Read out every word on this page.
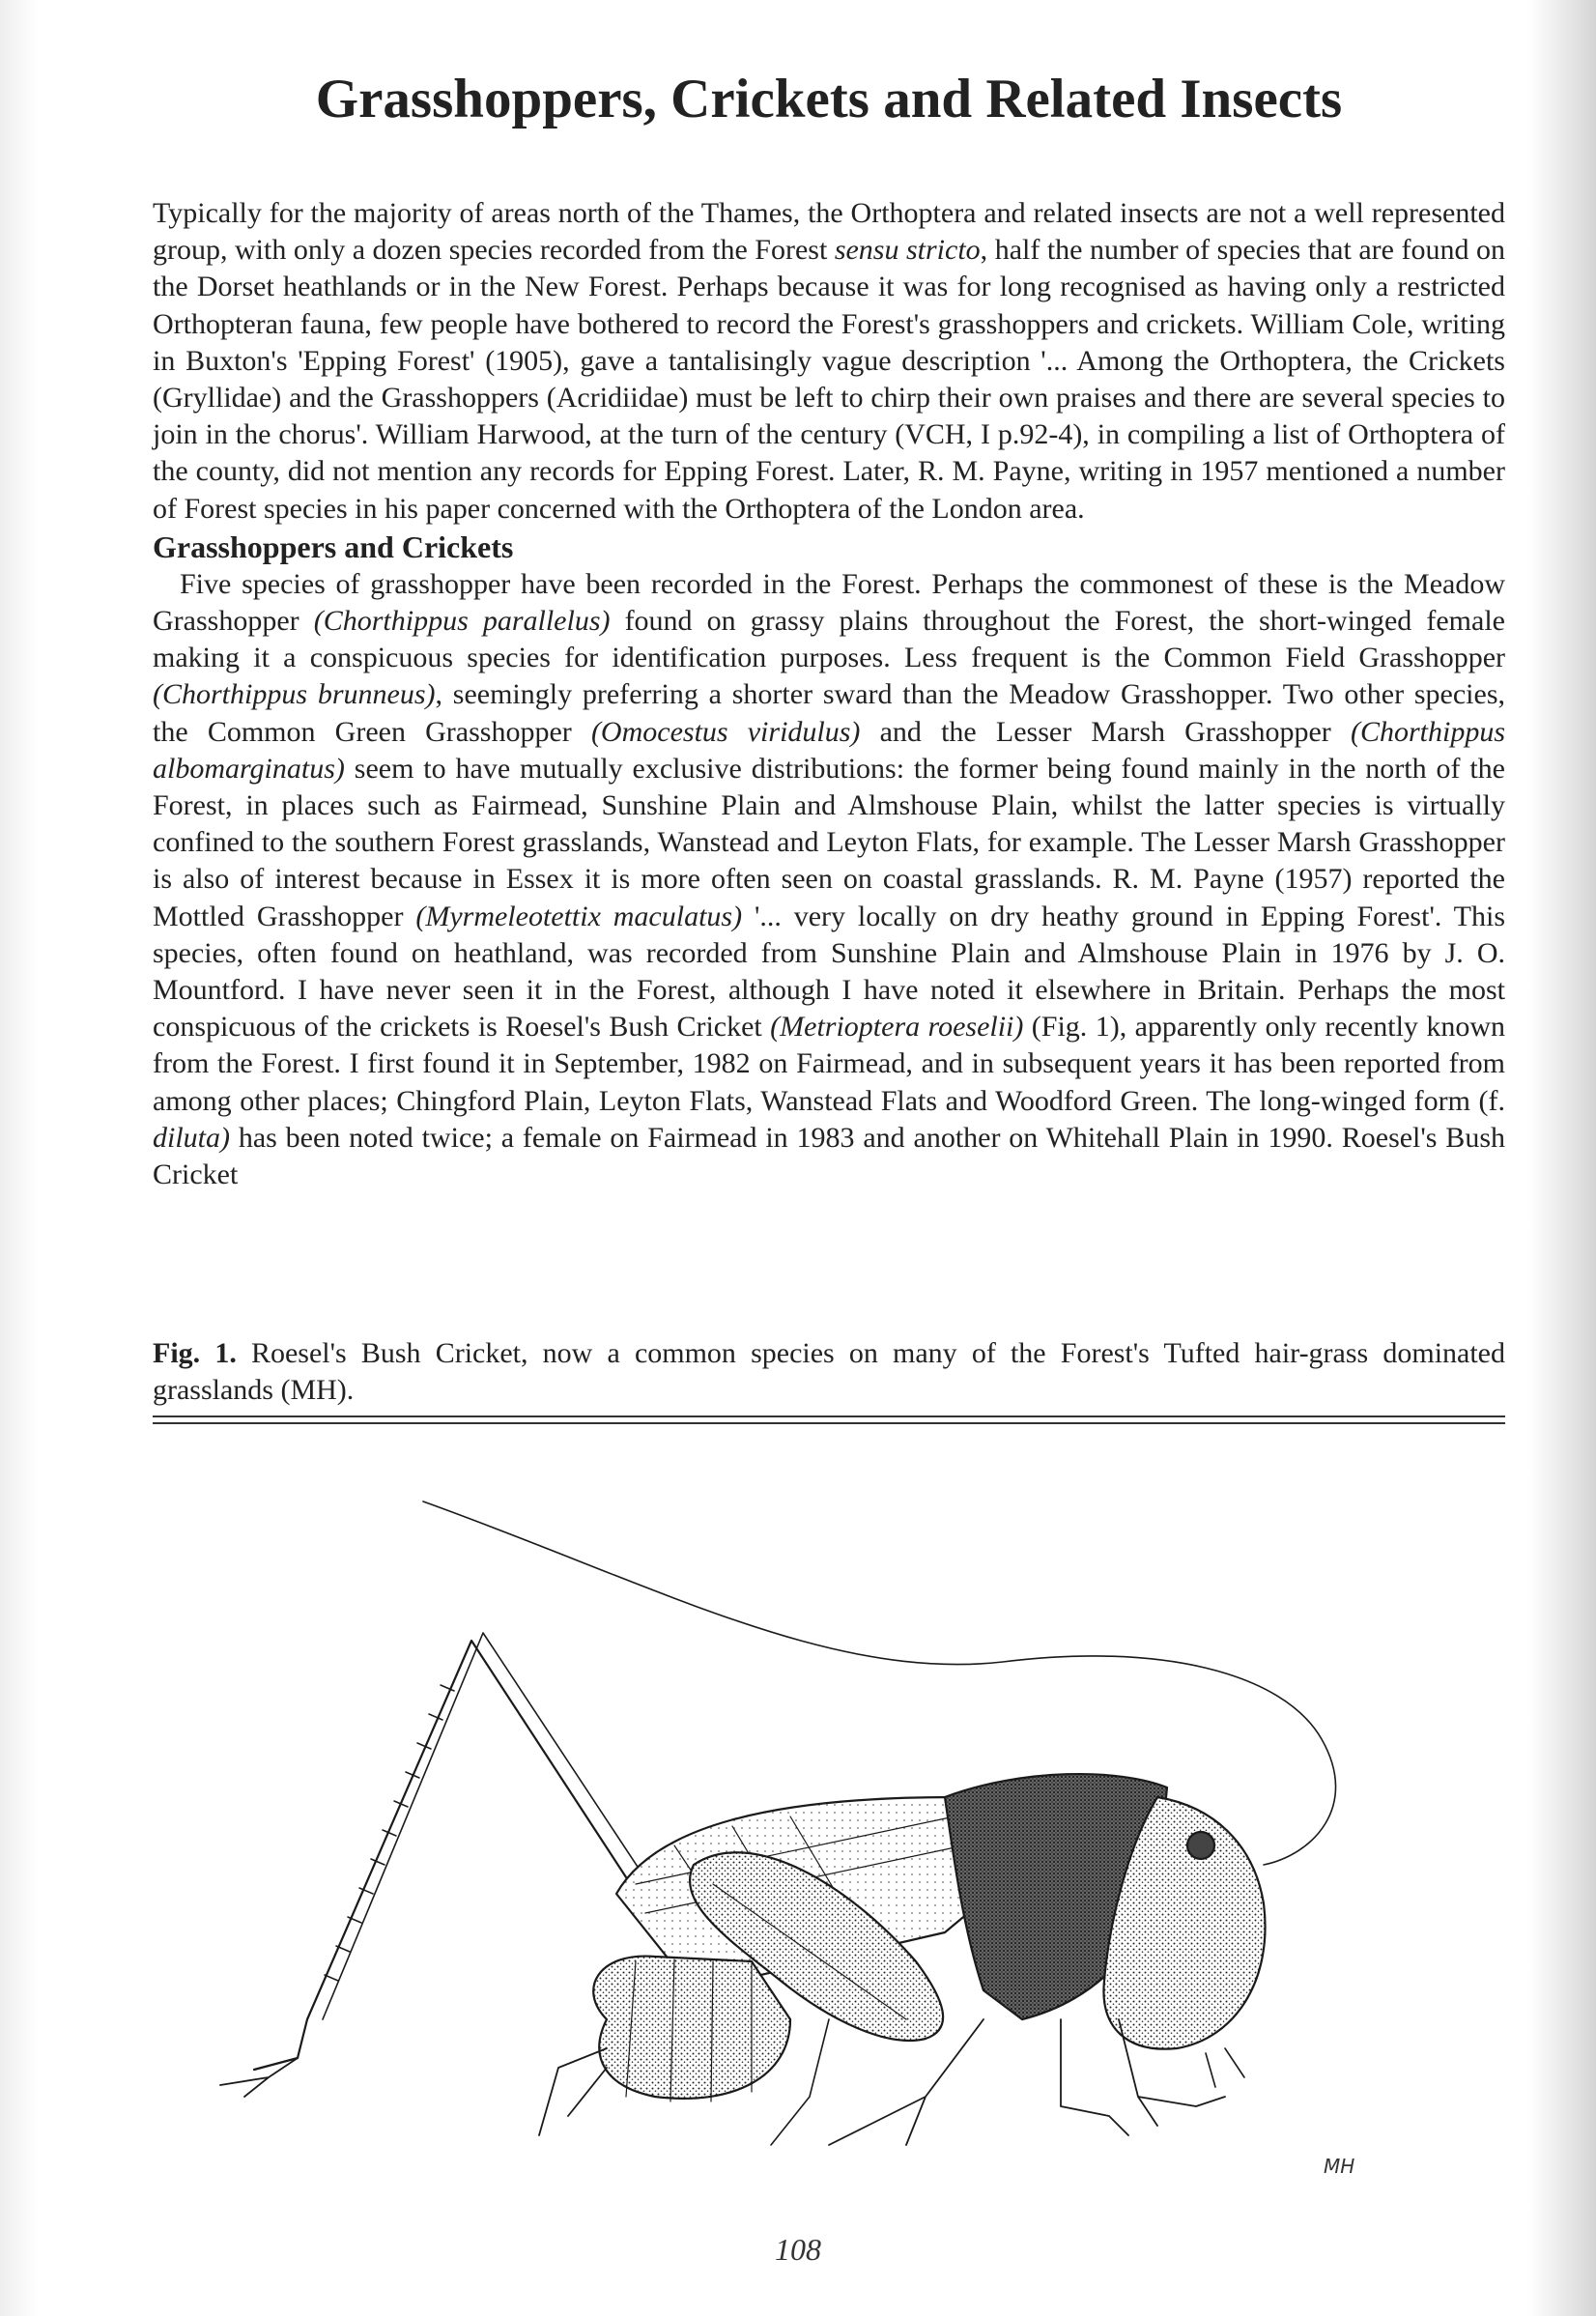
Grasshoppers, Crickets and Related Insects

Typically for the majority of areas north of the Thames, the Orthoptera and related insects are not a well represented group, with only a dozen species recorded from the Forest sensu stricto, half the number of species that are found on the Dorset heathlands or in the New Forest. Perhaps because it was for long recognised as having only a restricted Orthopteran fauna, few people have bothered to record the Forest's grasshoppers and crickets. William Cole, writing in Buxton's 'Epping Forest' (1905), gave a tantalisingly vague description '... Among the Orthoptera, the Crickets (Gryllidae) and the Grasshoppers (Acridiidae) must be left to chirp their own praises and there are several species to join in the chorus'. William Harwood, at the turn of the century (VCH, I p.92-4), in compiling a list of Orthoptera of the county, did not mention any records for Epping Forest. Later, R. M. Payne, writing in 1957 mentioned a number of Forest species in his paper concerned with the Orthoptera of the London area.

Grasshoppers and Crickets

Five species of grasshopper have been recorded in the Forest. Perhaps the commonest of these is the Meadow Grasshopper (Chorthippus parallelus) found on grassy plains throughout the Forest, the short-winged female making it a conspicuous species for identification purposes. Less frequent is the Common Field Grasshopper (Chorthippus brunneus), seemingly preferring a shorter sward than the Meadow Grasshopper. Two other species, the Common Green Grasshopper (Omocestus viridulus) and the Lesser Marsh Grasshopper (Chorthippus albomarginatus) seem to have mutually exclusive distributions: the former being found mainly in the north of the Forest, in places such as Fairmead, Sunshine Plain and Almshouse Plain, whilst the latter species is virtually confined to the southern Forest grasslands, Wanstead and Leyton Flats, for example. The Lesser Marsh Grasshopper is also of interest because in Essex it is more often seen on coastal grasslands. R. M. Payne (1957) reported the Mottled Grasshopper (Myrmeleotettix maculatus) '... very locally on dry heathy ground in Epping Forest'. This species, often found on heathland, was recorded from Sunshine Plain and Almshouse Plain in 1976 by J. O. Mountford. I have never seen it in the Forest, although I have noted it elsewhere in Britain. Perhaps the most conspicuous of the crickets is Roesel's Bush Cricket (Metrioptera roeselii) (Fig. 1), apparently only recently known from the Forest. I first found it in September, 1982 on Fairmead, and in subsequent years it has been reported from among other places; Chingford Plain, Leyton Flats, Wanstead Flats and Woodford Green. The long-winged form (f. diluta) has been noted twice; a female on Fairmead in 1983 and another on Whitehall Plain in 1990. Roesel's Bush Cricket

Fig. 1. Roesel's Bush Cricket, now a common species on many of the Forest's Tufted hair-grass dominated grasslands (MH).
MH
108
